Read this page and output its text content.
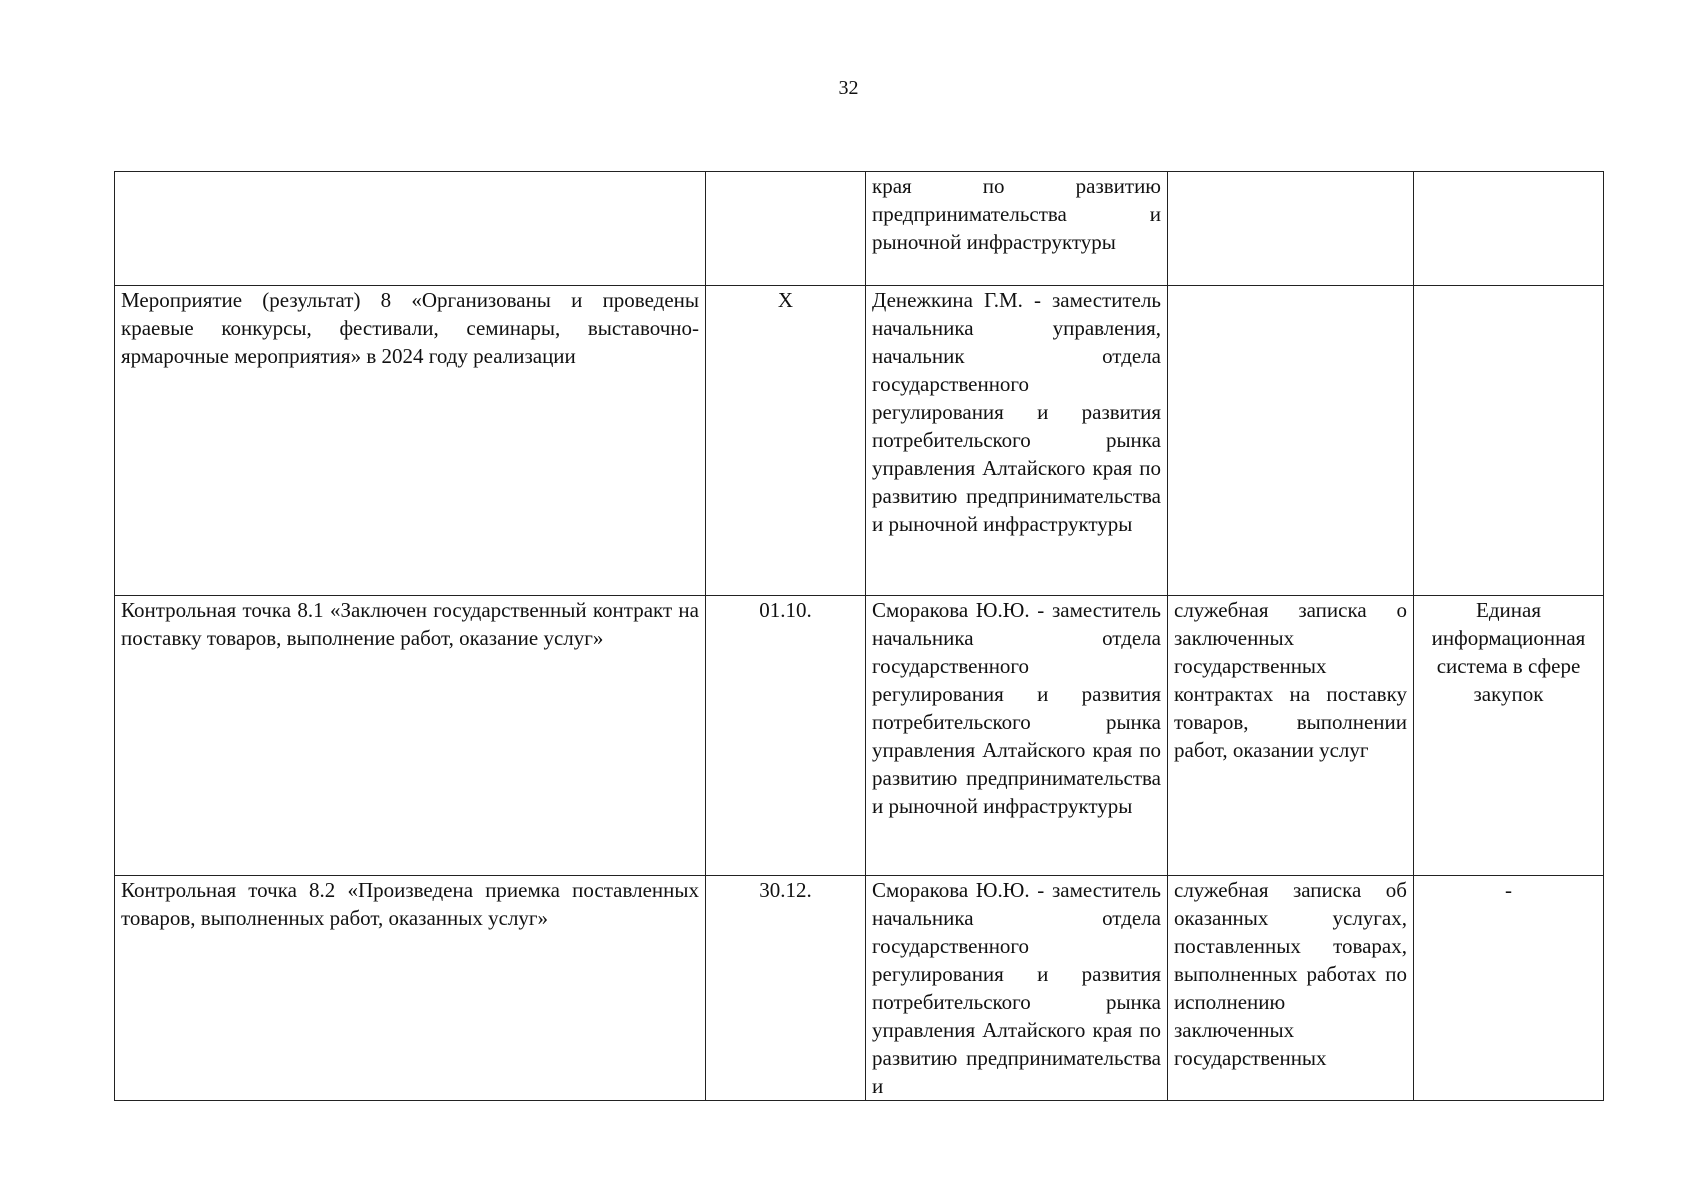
32

		края по развитию предпринимательства и рыночной инфраструктуры		

Мероприятие (результат) 8 «Организованы и проведены краевые конкурсы, фестивали, семинары, выставочно-ярмарочные мероприятия» в 2024 году реализации	Х	Денежкина Г.М. - заместитель начальника управления, начальник отдела государственного регулирования и развития потребительского рынка управления Алтайского края по развитию предпринимательства и рыночной инфраструктуры		

Контрольная точка 8.1 «Заключен государственный контракт на поставку товаров, выполнение работ, оказание услуг»	01.10.	Сморакова Ю.Ю. - заместитель начальника отдела государственного регулирования и развития потребительского рынка управления Алтайского края по развитию предпринимательства и рыночной инфраструктуры	служебная записка о заключенных государственных контрактах на поставку товаров, выполнении работ, оказании услуг	Единая информационная система в сфере закупок

Контрольная точка 8.2 «Произведена приемка поставленных товаров, выполненных работ, оказанных услуг»	30.12.	Сморакова Ю.Ю. - заместитель начальника отдела государственного регулирования и развития потребительского рынка управления Алтайского края по развитию предпринимательства и	служебная записка об оказанных услугах, поставленных товарах, выполненных работах по исполнению заключенных государственных	-
